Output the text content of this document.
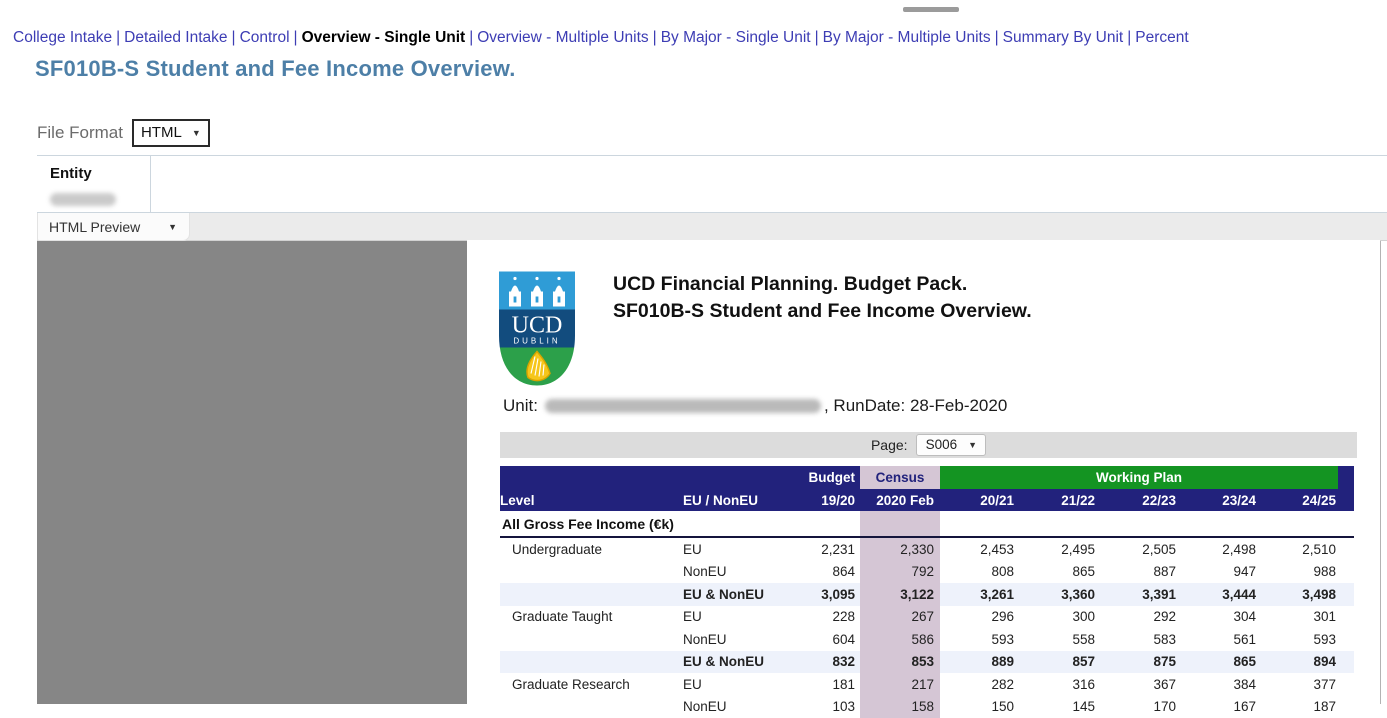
College Intake | Detailed Intake | Control | Overview - Single Unit | Overview - Multiple Units | By Major - Single Unit | By Major - Multiple Units | Summary By Unit | Percent
SF010B-S Student and Fee Income Overview.
File Format HTML ▼
Entity
HTML Preview	▼
UCD
DUBLIN
UCD Financial Planning. Budget Pack.
SF010B-S Student and Fee Income Overview.
Unit:	, RunDate: 28-Feb-2020
Page: S006 ▼
Budget	Census	Working Plan
Level	EU / NonEU	19/20	2020 Feb	20/21	21/22	22/23	23/24	24/25
All Gross Fee Income (€k)
Undergraduate	EU	2,231	2,330	2,453	2,495	2,505	2,498	2,510
NonEU	864	792	808	865	887	947	988
EU & NonEU	3,095	3,122	3,261	3,360	3,391	3,444	3,498
Graduate Taught	EU	228	267	296	300	292	304	301
NonEU	604	586	593	558	583	561	593
EU & NonEU	832	853	889	857	875	865	894
Graduate Research	EU	181	217	282	316	367	384	377
NonEU	103	158	150	145	170	167	187
